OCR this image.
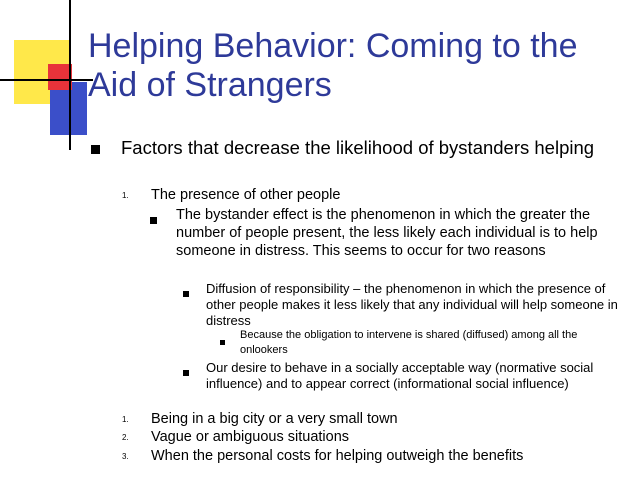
Helping Behavior: Coming to the Aid of Strangers
Factors that decrease the likelihood of bystanders helping
1. The presence of other people
The bystander effect is the phenomenon in which the greater the number of people present, the less likely each individual is to help someone in distress. This seems to occur for two reasons
Diffusion of responsibility – the phenomenon in which the presence of other people makes it less likely that any individual will help someone in distress
Because the obligation to intervene is shared (diffused) among all the onlookers
Our desire to behave in a socially acceptable way (normative social influence) and to appear correct (informational social influence)
1. Being in a big city or a very small town
2. Vague or ambiguous situations
3. When the personal costs for helping outweigh the benefits
